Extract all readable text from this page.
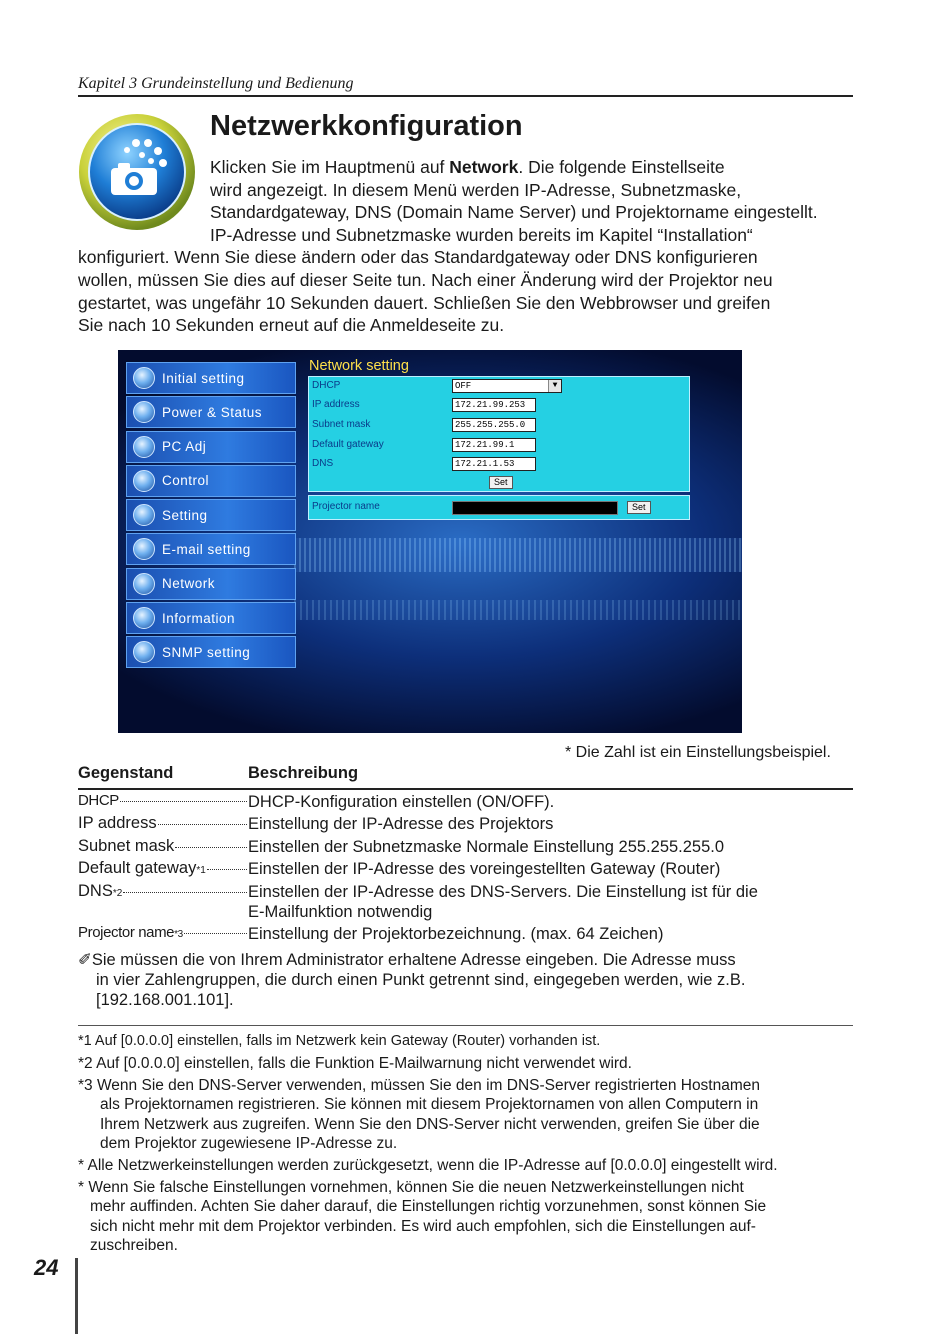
Kapitel 3 Grundeinstellung und Bedienung
Netzwerkkonfiguration
Klicken Sie im Hauptmenü auf Network. Die folgende Einstellseite
wird angezeigt. In diesem Menü werden IP-Adresse, Subnetzmaske,
Standardgateway, DNS (Domain Name Server) und Projektorname eingestellt.
IP-Adresse und Subnetzmaske wurden bereits im Kapitel “Installation“
konfiguriert. Wenn Sie diese ändern oder das Standardgateway oder DNS konfigurieren
wollen, müssen Sie dies auf dieser Seite tun. Nach einer Änderung wird der Projektor neu
gestartet, was ungefähr 10 Sekunden dauert. Schließen Sie den Webbrowser und greifen
Sie nach 10 Sekunden erneut auf die Anmeldeseite zu.
Initial setting
Power & Status
PC Adj
Control
Setting
E-mail setting
Network
Information
SNMP setting
Network setting
DHCP	OFF	▼
IP address	172.21.99.253
Subnet mask	255.255.255.0
Default gateway	172.21.99.1
DNS	172.21.1.53
Set
Projector name	Set
* Die Zahl ist ein Einstellungsbeispiel.
Gegenstand	Beschreibung
DHCP	DHCP-Konfiguration einstellen (ON/OFF).
IP address	Einstellung der IP-Adresse des Projektors
Subnet mask	Einstellen der Subnetzmaske Normale Einstellung 255.255.255.0
Default gateway *1	Einstellen der IP-Adresse des voreingestellten Gateway (Router)
DNS *2	Einstellen der IP-Adresse des DNS-Servers. Die Einstellung ist für die
E-Mailfunktion notwendig
Projector name *3	Einstellung der Projektorbezeichnung. (max. 64 Zeichen)
✐Sie müssen die von Ihrem Administrator erhaltene Adresse eingeben. Die Adresse muss
in vier Zahlengruppen, die durch einen Punkt getrennt sind, eingegeben werden, wie z.B.
[192.168.001.101].
*1 Auf [0.0.0.0] einstellen, falls im Netzwerk kein Gateway (Router) vorhanden ist.
*2 Auf [0.0.0.0] einstellen, falls die Funktion E-Mailwarnung nicht verwendet wird.
*3 Wenn Sie den DNS-Server verwenden, müssen Sie den im DNS-Server registrierten Hostnamen
als Projektornamen registrieren. Sie können mit diesem Projektornamen von allen Computern in
Ihrem Netzwerk aus zugreifen. Wenn Sie den DNS-Server nicht verwenden, greifen Sie über die
dem Projektor zugewiesene IP-Adresse zu.
* Alle Netzwerkeinstellungen werden zurückgesetzt, wenn die IP-Adresse auf [0.0.0.0] eingestellt wird.
* Wenn Sie falsche Einstellungen vornehmen, können Sie die neuen Netzwerkeinstellungen nicht
mehr auffinden. Achten Sie daher darauf, die Einstellungen richtig vorzunehmen, sonst können Sie
sich nicht mehr mit dem Projektor verbinden. Es wird auch empfohlen, sich die Einstellungen auf-
zuschreiben.
24
